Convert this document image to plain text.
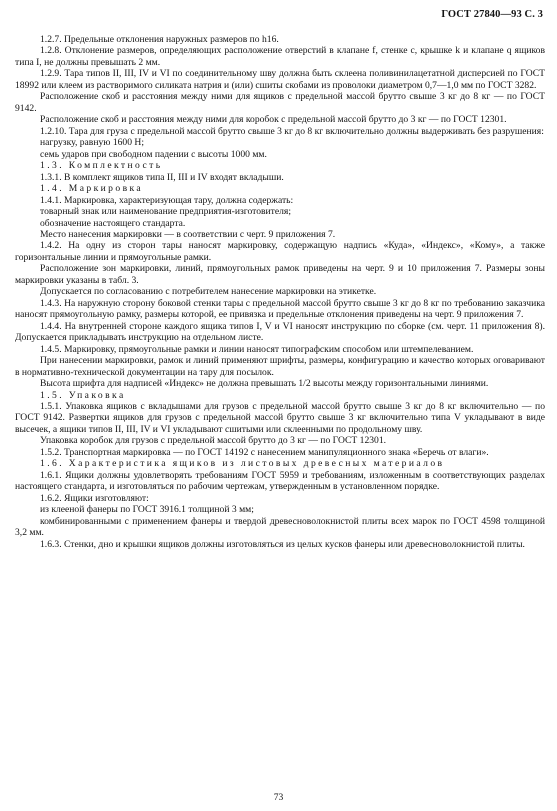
ГОСТ 27840—93 С. 3

1.2.7. Предельные отклонения наружных размеров по h16.

1.2.8. Отклонение размеров, определяющих расположение отверстий в клапане f, стенке c, крышке k и клапане q ящиков типа I, не должны превышать 2 мм.

1.2.9. Тара типов II, III, IV и VI по соединительному шву должна быть склеена поливинилацетатной дисперсией по ГОСТ 18992 или клеем из растворимого силиката натрия и (или) сшиты скобами из проволоки диаметром 0,7—1,0 мм по ГОСТ 3282.

Расположение скоб и расстояния между ними для ящиков с предельной массой брутто свыше 3 кг до 8 кг — по ГОСТ 9142.

Расположение скоб и расстояния между ними для коробок с предельной массой брутто до 3 кг — по ГОСТ 12301.

1.2.10. Тара для груза с предельной массой брутто свыше 3 кг до 8 кг включительно должны выдерживать без разрушения:

нагрузку, равную 1600 Н;

семь ударов при свободном падении с высоты 1000 мм.

1.3. Комплектность

1.3.1. В комплект ящиков типа II, III и IV входят вкладыши.

1.4. Маркировка

1.4.1. Маркировка, характеризующая тару, должна содержать:

товарный знак или наименование предприятия-изготовителя;

обозначение настоящего стандарта.

Место нанесения маркировки — в соответствии с черт. 9 приложения 7.

1.4.2. На одну из сторон тары наносят маркировку, содержащую надпись «Куда», «Индекс», «Кому», а также горизонтальные линии и прямоугольные рамки.

Расположение зон маркировки, линий, прямоугольных рамок приведены на черт. 9 и 10 приложения 7. Размеры зоны маркировки указаны в табл. 3.

Допускается по согласованию с потребителем нанесение маркировки на этикетке.

1.4.3. На наружную сторону боковой стенки тары с предельной массой брутто свыше 3 кг до 8 кг по требованию заказчика наносят прямоугольную рамку, размеры которой, ее привязка и предельные отклонения приведены на черт. 9 приложения 7.

1.4.4. На внутренней стороне каждого ящика типов I, V и VI наносят инструкцию по сборке (см. черт. 11 приложения 8). Допускается прикладывать инструкцию на отдельном листе.

1.4.5. Маркировку, прямоугольные рамки и линии наносят типографским способом или штемпелеванием.

При нанесении маркировки, рамок и линий применяют шрифты, размеры, конфигурацию и качество которых оговаривают в нормативно-технической документации на тару для посылок.

Высота шрифта для надписей «Индекс» не должна превышать 1/2 высоты между горизонтальными линиями.

1.5. Упаковка

1.5.1. Упаковка ящиков с вкладышами для грузов с предельной массой брутто свыше 3 кг до 8 кг включительно — по ГОСТ 9142. Развертки ящиков для грузов с предельной массой брутто свыше 3 кг включительно типа V укладывают в виде высечек, а ящики типов II, III, IV и VI укладывают сшитыми или склеенными по продольному шву.

Упаковка коробок для грузов с предельной массой брутто до 3 кг — по ГОСТ 12301.

1.5.2. Транспортная маркировка — по ГОСТ 14192 с нанесением манипуляционного знака «Беречь от влаги».

1.6. Характеристика ящиков из листовых древесных материалов

1.6.1. Ящики должны удовлетворять требованиям ГОСТ 5959 и требованиям, изложенным в соответствующих разделах настоящего стандарта, и изготовляться по рабочим чертежам, утвержденным в установленном порядке.

1.6.2. Ящики изготовляют:

из клееной фанеры по ГОСТ 3916.1 толщиной 3 мм;

комбинированными с применением фанеры и твердой древесноволокнистой плиты всех марок по ГОСТ 4598 толщиной 3,2 мм.

1.6.3. Стенки, дно и крышки ящиков должны изготовляться из целых кусков фанеры или древесноволокнистой плиты.

73
